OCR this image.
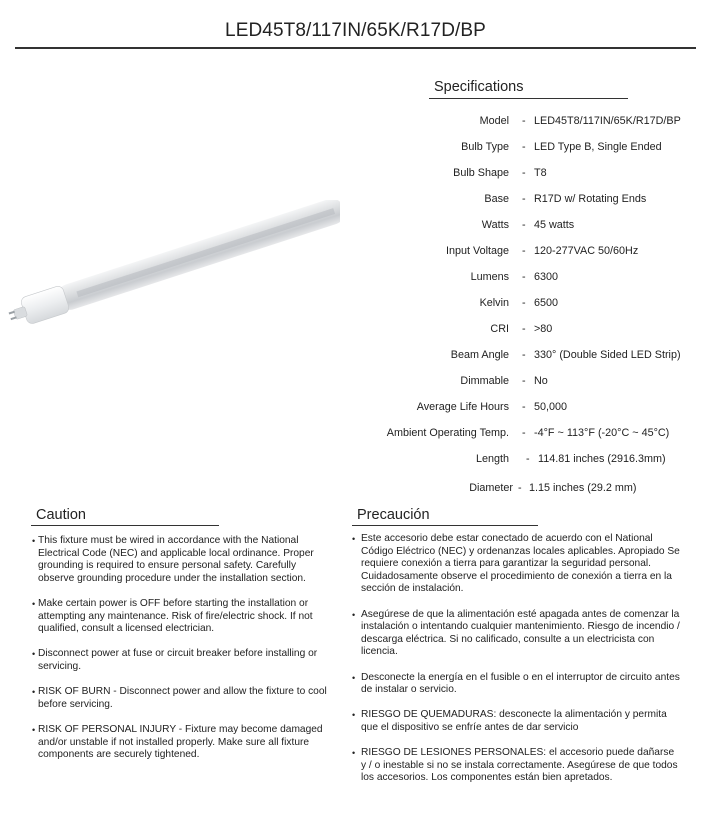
LED45T8/117IN/65K/R17D/BP
Specifications
Model - LED45T8/117IN/65K/R17D/BP
Bulb Type - LED Type B, Single Ended
Bulb Shape - T8
Base - R17D w/ Rotating Ends
Watts - 45 watts
Input Voltage - 120-277VAC 50/60Hz
Lumens - 6300
Kelvin - 6500
CRI - >80
Beam Angle - 330° (Double Sided LED Strip)
Dimmable - No
Average Life Hours - 50,000
Ambient Operating Temp. - -4°F ~ 113°F (-20°C ~ 45°C)
Length - 114.81 inches (2916.3mm)
Diameter - 1.15 inches (29.2 mm)
Caution
• This fixture must be wired in accordance with the National Electrical Code (NEC) and applicable local ordinance. Proper grounding is required to ensure personal safety. Carefully observe grounding procedure under the installation section.
• Make certain power is OFF before starting the installation or attempting any maintenance. Risk of fire/electric shock. If not qualified, consult a licensed electrician.
• Disconnect power at fuse or circuit breaker before installing or servicing.
• RISK OF BURN - Disconnect power and allow the fixture to cool before servicing.
• RISK OF PERSONAL INJURY - Fixture may become damaged and/or unstable if not installed properly. Make sure all fixture components are securely tightened.
Precaución
• Este accesorio debe estar conectado de acuerdo con el National Código Eléctrico (NEC) y ordenanzas locales aplicables. Apropiado Se requiere conexión a tierra para garantizar la seguridad personal. Cuidadosamente observe el procedimiento de conexión a tierra en la sección de instalación.
• Asegúrese de que la alimentación esté apagada antes de comenzar la instalación o intentando cualquier mantenimiento. Riesgo de incendio / descarga eléctrica. Si no calificado, consulte a un electricista con licencia.
• Desconecte la energía en el fusible o en el interruptor de circuito antes de instalar o servicio.
• RIESGO DE QUEMADURAS: desconecte la alimentación y permita que el dispositivo se enfríe antes de dar servicio
• RIESGO DE LESIONES PERSONALES: el accesorio puede dañarse y / o inestable si no se instala correctamente. Asegúrese de que todos los accesorios. Los componentes están bien apretados.
